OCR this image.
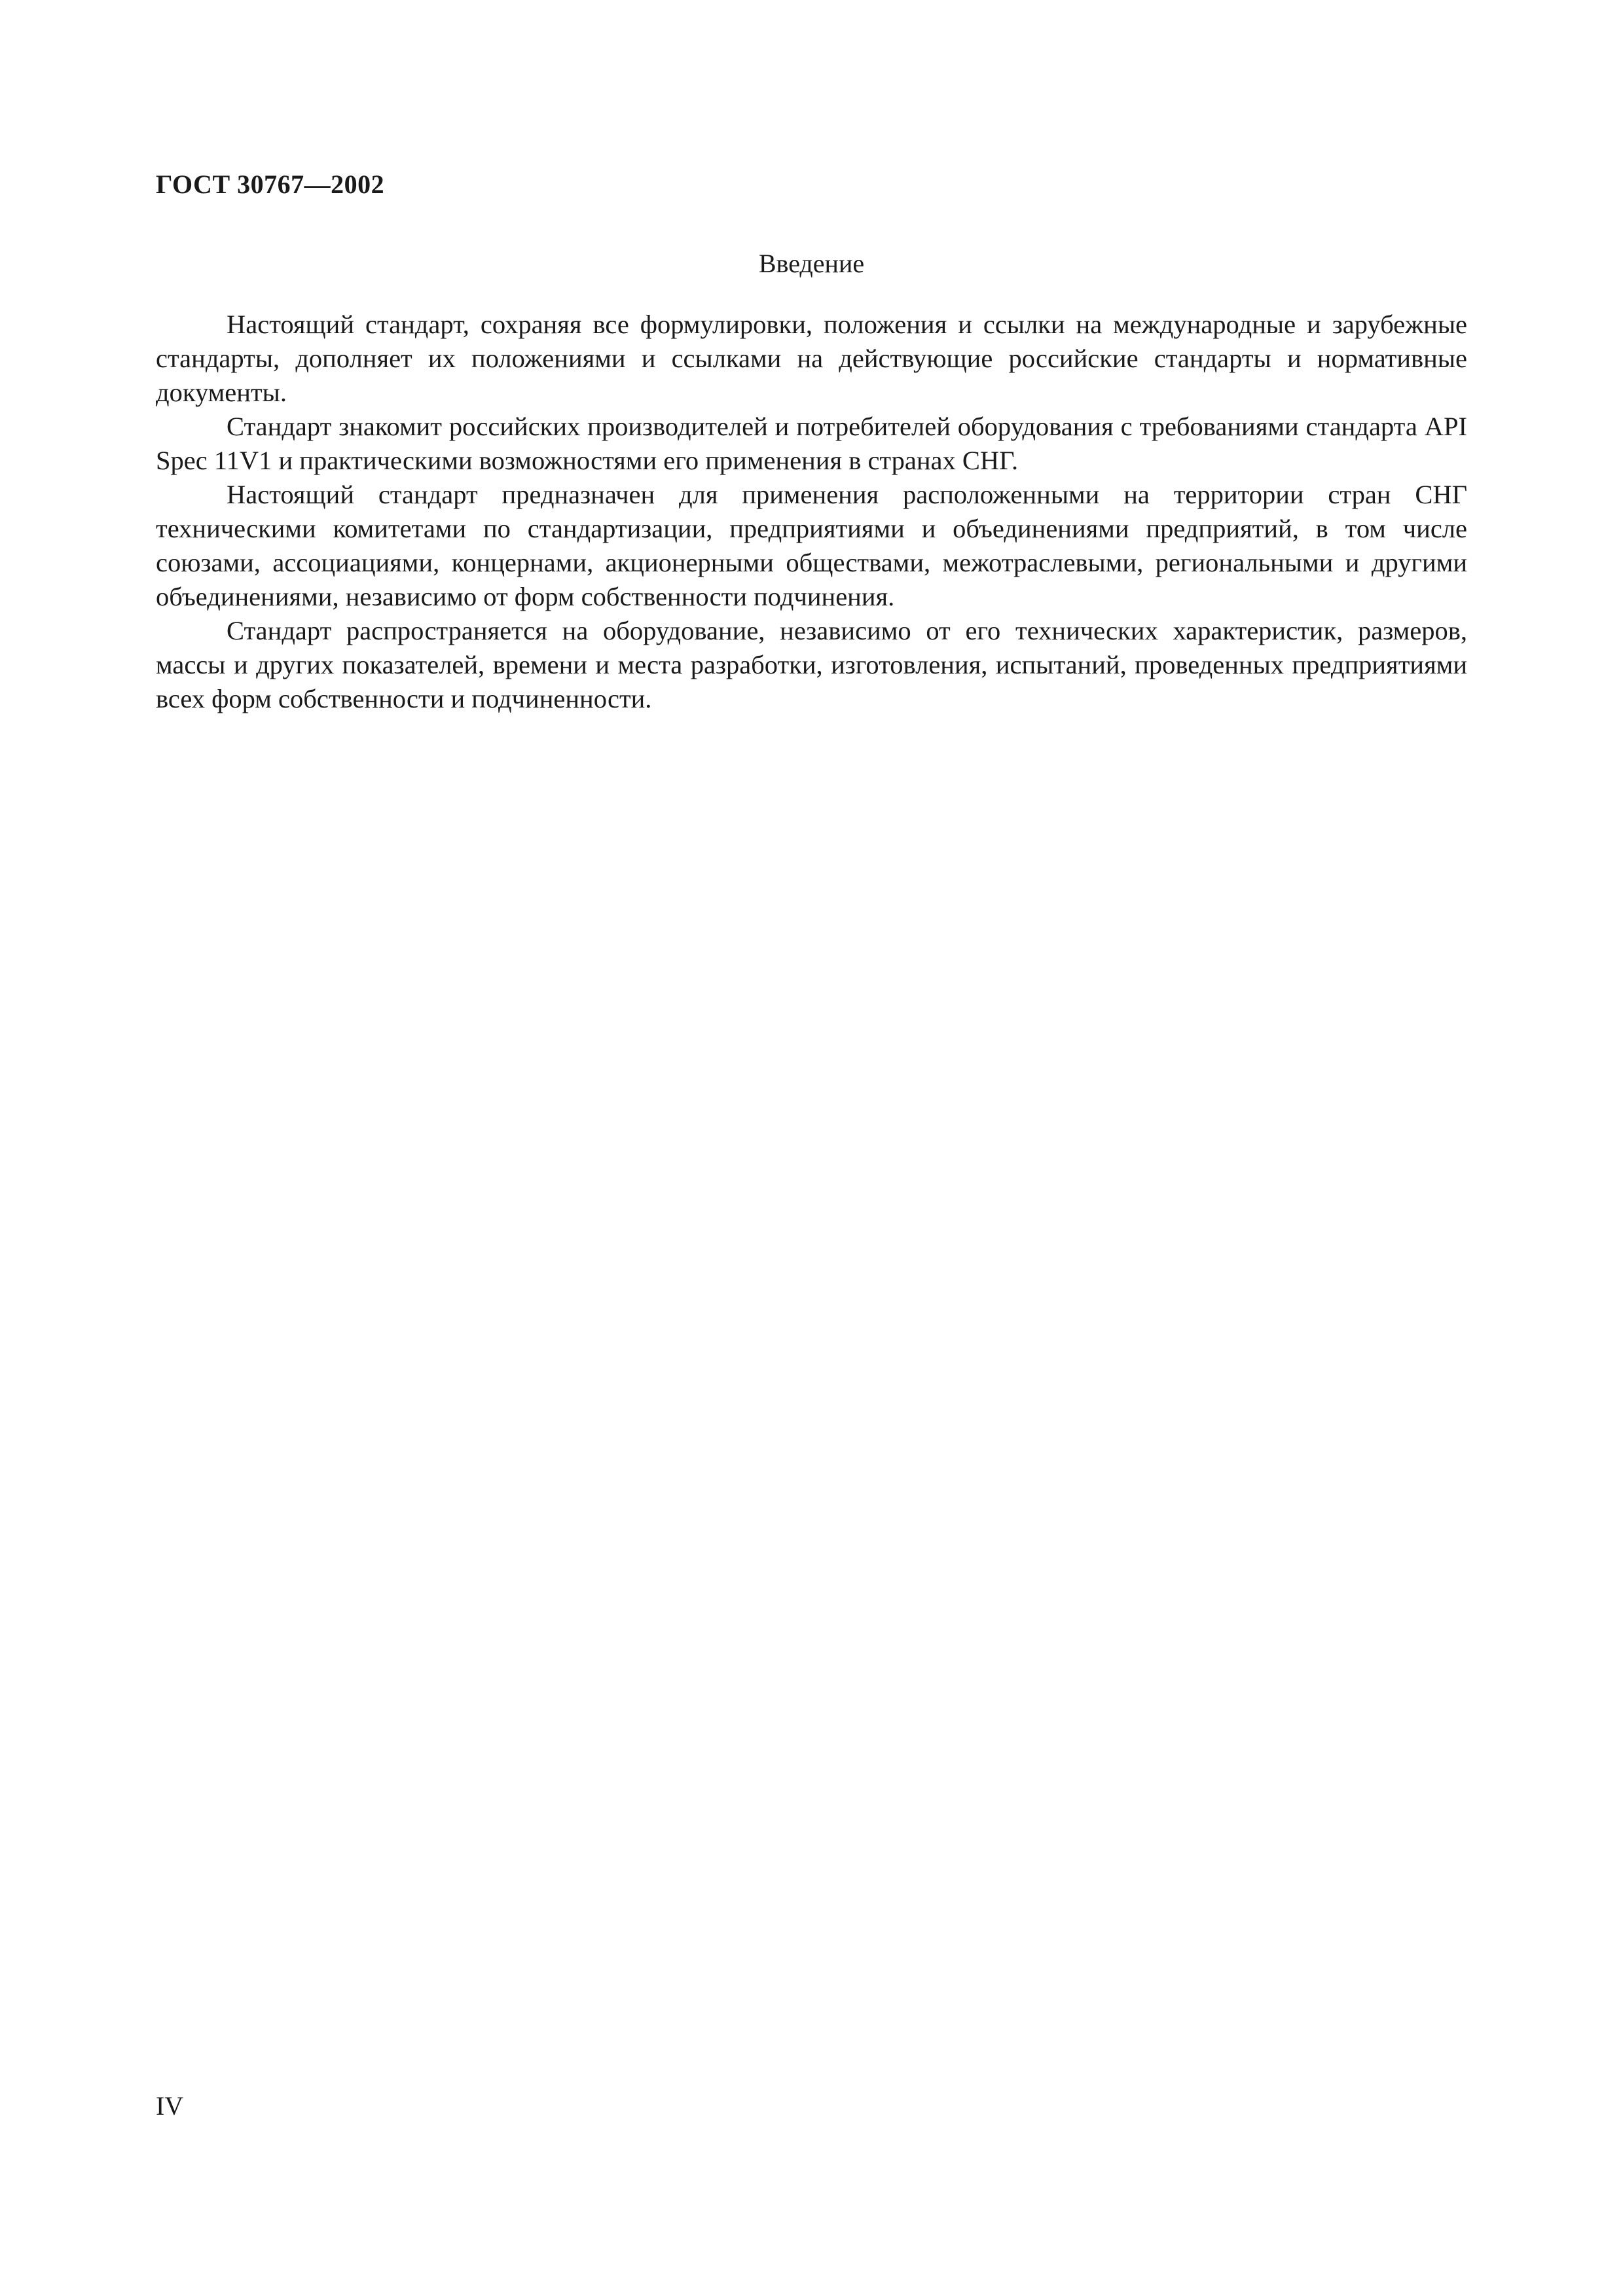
ГОСТ 30767—2002
Введение

Настоящий стандарт, сохраняя все формулировки, положения и ссылки на международные и зарубежные стандарты, дополняет их положениями и ссылками на действующие российские стандарты и нормативные документы.

Стандарт знакомит российских производителей и потребителей оборудования с требованиями стандарта API Spec 11V1 и практическими возможностями его применения в странах СНГ.

Настоящий стандарт предназначен для применения расположенными на территории стран СНГ техническими комитетами по стандартизации, предприятиями и объединениями предприятий, в том числе союзами, ассоциациями, концернами, акционерными обществами, межотраслевыми, региональными и другими объединениями, независимо от форм собственности подчинения.

Стандарт распространяется на оборудование, независимо от его технических характеристик, размеров, массы и других показателей, времени и места разработки, изготовления, испытаний, проведенных предприятиями всех форм собственности и подчиненности.

IV
